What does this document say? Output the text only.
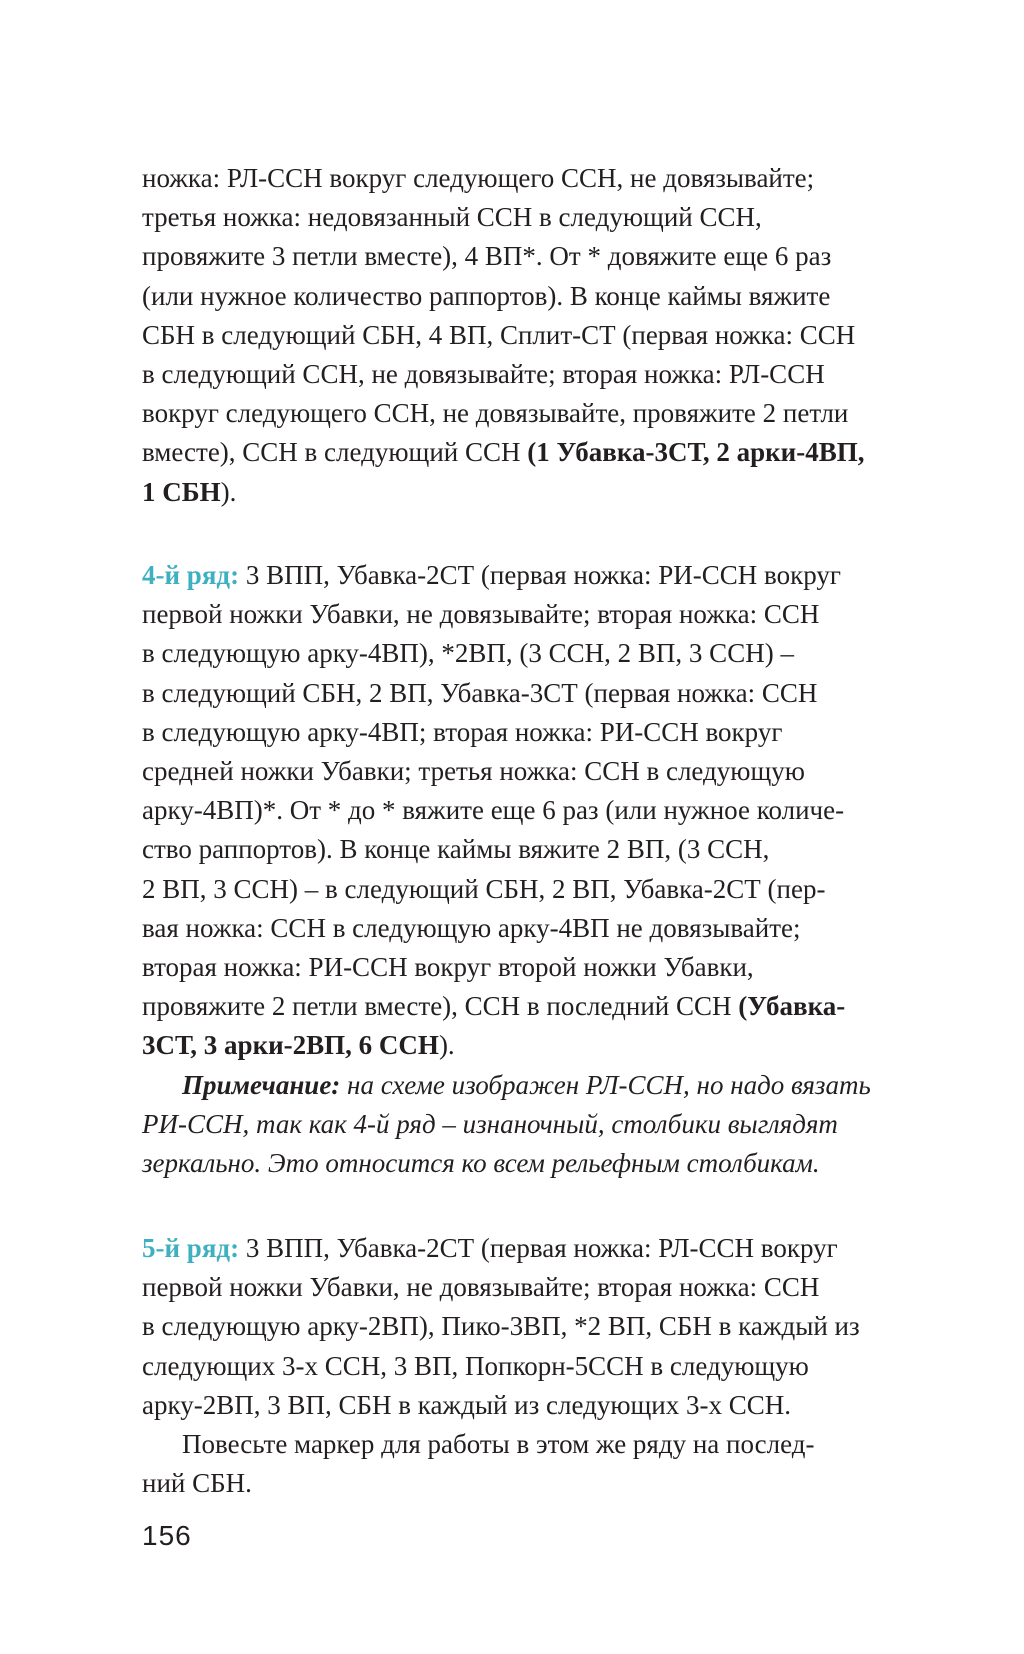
ножка: РЛ-ССН вокруг следующего ССН, не довязывайте;
третья ножка: недовязанный ССН в следующий ССН,
провяжите 3 петли вместе), 4 ВП*. От * довяжите еще 6 раз
(или нужное количество раппортов). В конце каймы вяжите
СБН в следующий СБН, 4 ВП, Сплит-СТ (первая ножка: ССН
в следующий ССН, не довязывайте; вторая ножка: РЛ-ССН
вокруг следующего ССН, не довязывайте, провяжите 2 петли
вместе), ССН в следующий ССН (1 Убавка-3СТ, 2 арки-4ВП,
1 СБН).
4-й ряд: 3 ВПП, Убавка-2СТ (первая ножка: РИ-ССН вокруг
первой ножки Убавки, не довязывайте; вторая ножка: ССН
в следующую арку-4ВП), *2ВП, (3 ССН, 2 ВП, 3 ССН) –
в следующий СБН, 2 ВП, Убавка-3СТ (первая ножка: ССН
в следующую арку-4ВП; вторая ножка: РИ-ССН вокруг
средней ножки Убавки; третья ножка: ССН в следующую
арку-4ВП)*. От * до * вяжите еще 6 раз (или нужное количе-
ство раппортов). В конце каймы вяжите 2 ВП, (3 ССН,
2 ВП, 3 ССН) – в следующий СБН, 2 ВП, Убавка-2СТ (пер-
вая ножка: ССН в следующую арку-4ВП не довязывайте;
вторая ножка: РИ-ССН вокруг второй ножки Убавки,
провяжите 2 петли вместе), ССН в последний ССН (Убавка-
3СТ, 3 арки-2ВП, 6 ССН).
Примечание: на схеме изображен РЛ-ССН, но надо вязать
РИ-ССН, так как 4-й ряд – изнаночный, столбики выглядят
зеркально. Это относится ко всем рельефным столбикам.
5-й ряд: 3 ВПП, Убавка-2СТ (первая ножка: РЛ-ССН вокруг
первой ножки Убавки, не довязывайте; вторая ножка: ССН
в следующую арку-2ВП), Пико-3ВП, *2 ВП, СБН в каждый из
следующих 3-х ССН, 3 ВП, Попкорн-5ССН в следующую
арку-2ВП, 3 ВП, СБН в каждый из следующих 3-х ССН.
Повесьте маркер для работы в этом же ряду на послед-
ний СБН.
156
